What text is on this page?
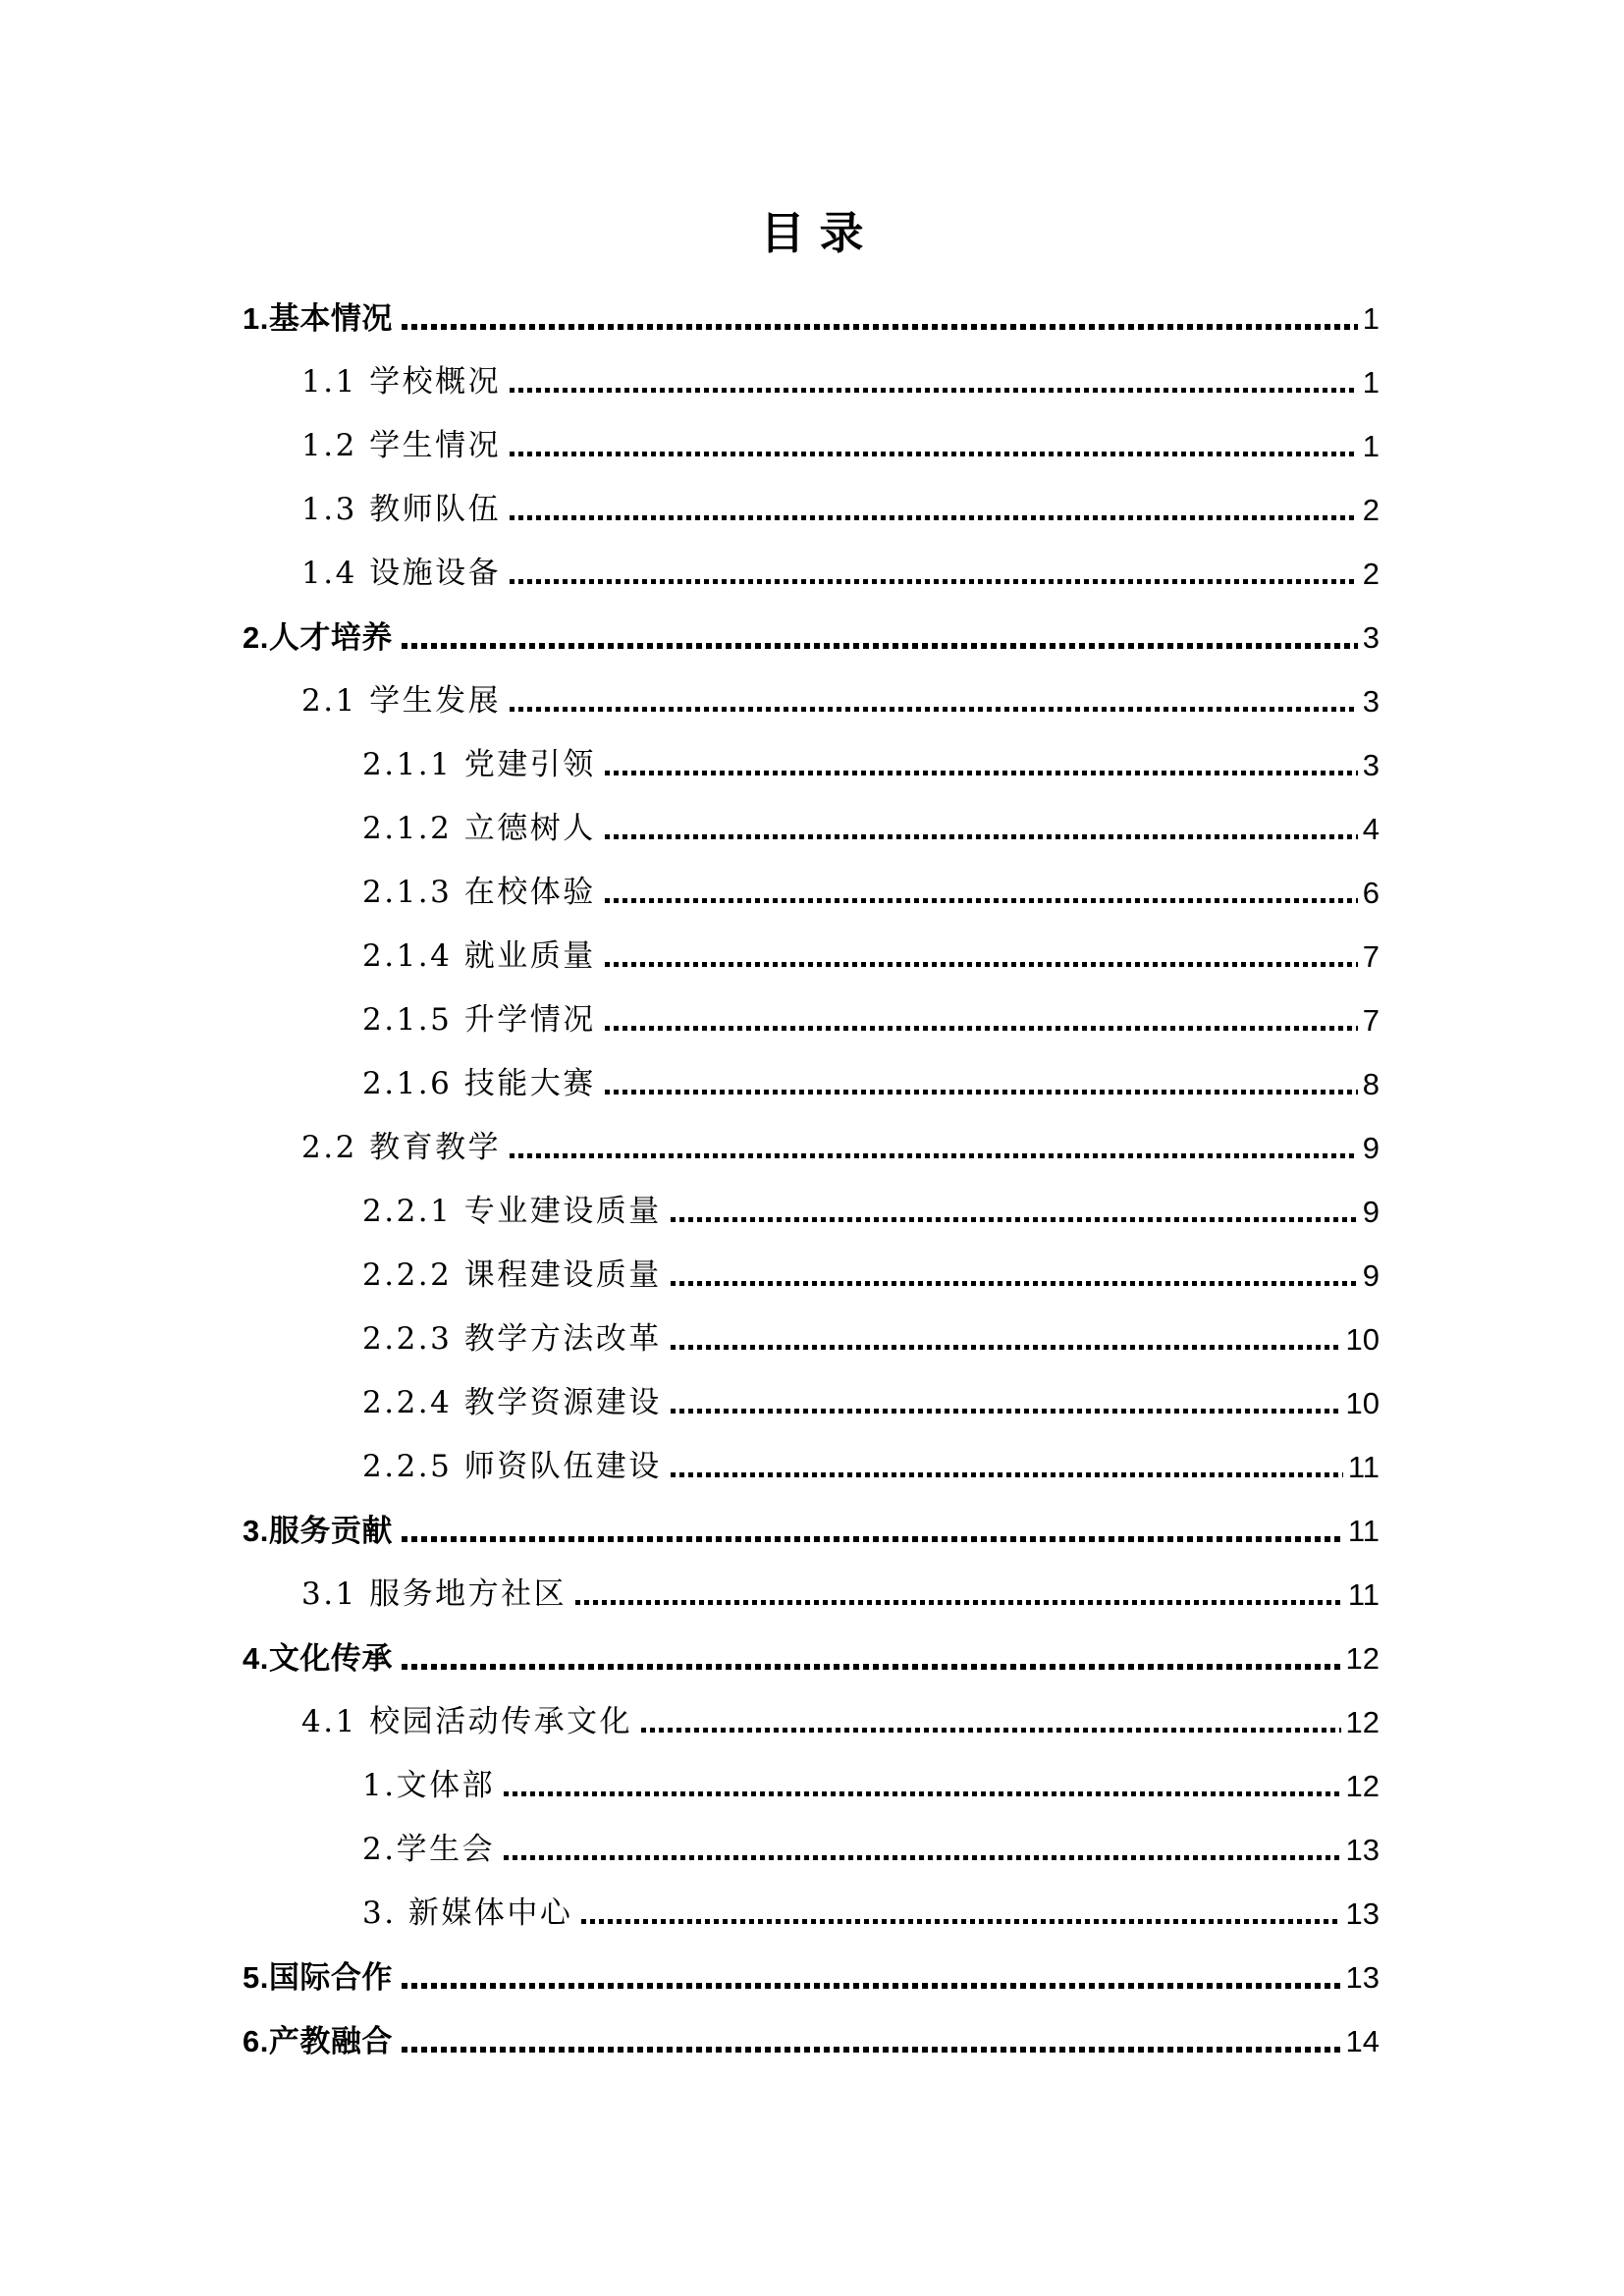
目录
1.基本情况	1
1.1 学校概况	1
1.2 学生情况	1
1.3 教师队伍	2
1.4 设施设备	2
2.人才培养	3
2.1 学生发展	3
2.1.1 党建引领	3
2.1.2 立德树人	4
2.1.3 在校体验	6
2.1.4 就业质量	7
2.1.5 升学情况	7
2.1.6 技能大赛	8
2.2 教育教学	9
2.2.1 专业建设质量	9
2.2.2 课程建设质量	9
2.2.3 教学方法改革	10
2.2.4 教学资源建设	10
2.2.5 师资队伍建设	11
3.服务贡献	11
3.1 服务地方社区	11
4.文化传承	12
4.1 校园活动传承文化	12
1.文体部	12
2.学生会	13
3. 新媒体中心	13
5.国际合作	13
6.产教融合	14
